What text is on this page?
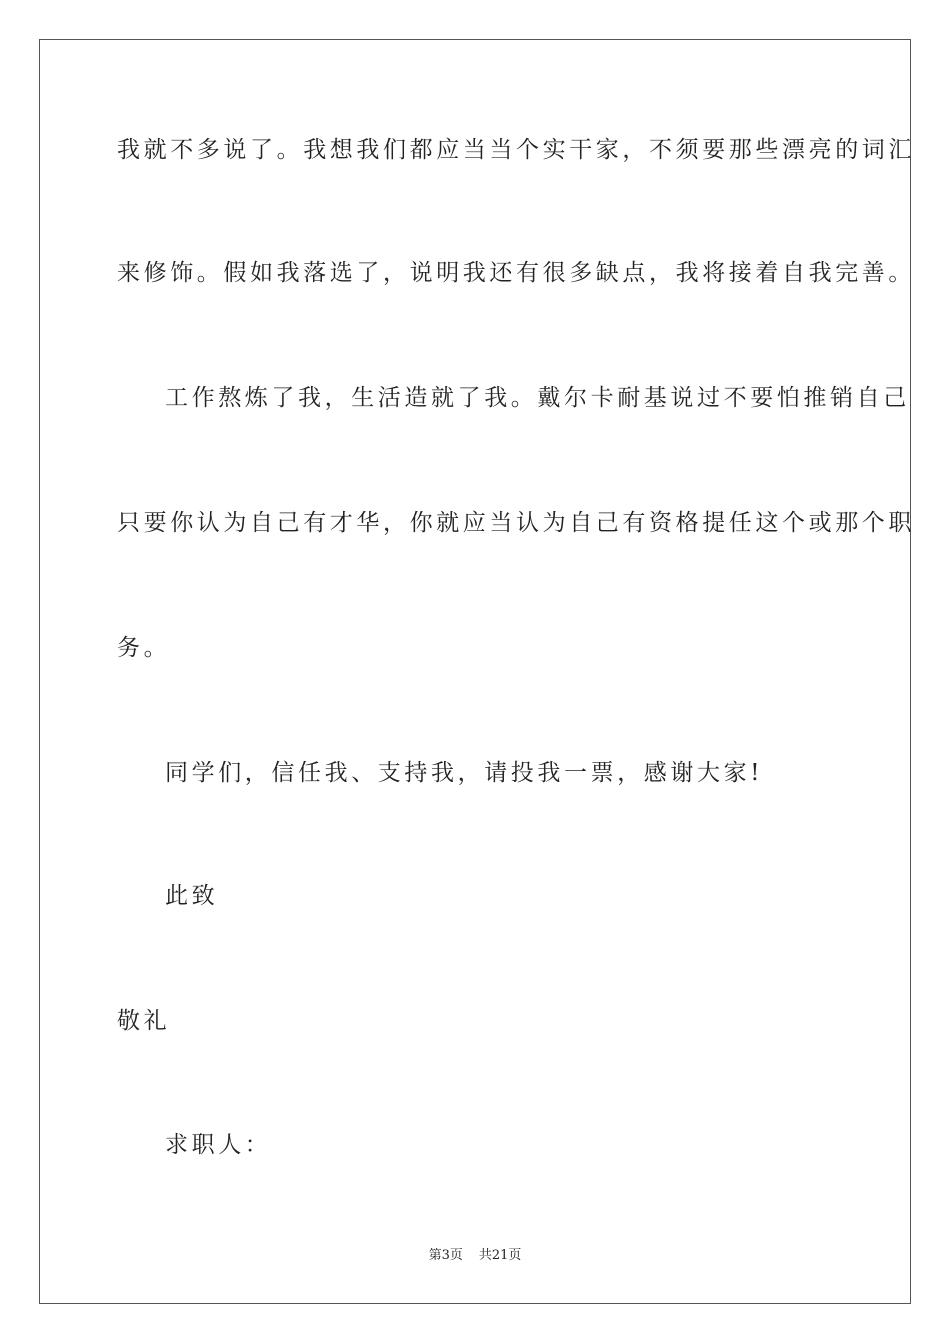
我就不多说了。我想我们都应当当个实干家，不须要那些漂亮的词汇
来修饰。假如我落选了，说明我还有很多缺点，我将接着自我完善。
工作熬炼了我，生活造就了我。戴尔卡耐基说过不要怕推销自己
只要你认为自己有才华，你就应当认为自己有资格提任这个或那个职
务。
同学们，信任我、支持我，请投我一票，感谢大家!
此致
敬礼
求职人：
第3页 共21页
